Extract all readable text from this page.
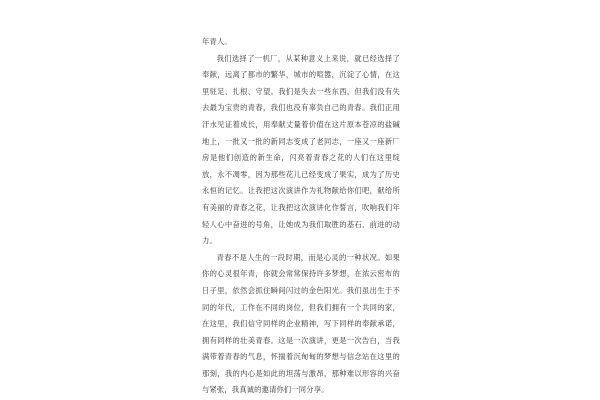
年青人。

我们选择了一机厂，从某种意义上来说，就已经选择了奉献，远离了都市的繁华，城市的喧嚣，沉淀了心情，在这里驻足、扎根、守望。我们是失去一些东西，但我们没有失去最为宝贵的青春，我们也没有辜负自己的青春。我们正用汗水见证着成长，用奉献丈量着价值在这片原本苍凉的盐碱地上，一批又一批的新同志变成了老同志，一座又一座新厂房是他们创造的新生命，闪亮着青春之花的人们在这里绽放，永不凋零，因为那些花儿已经变成了果实，成为了历史永恒的记忆。让我把这次演讲作为礼物献给你们吧，献给所有美丽的青春之花，让我把这次演讲化作誓言，吹响我们年轻人心中奋进的号角，让她成为我们取胜的基石、前进的动力。

青春不是人生的一段时期，而是心灵的一种状况。如果你的心灵很年青，你就会常常保持许多梦想，在浓云密布的日子里，依然会抓住瞬间闪过的金色阳光。我们虽出生于不同的年代，工作在不同的岗位，但我们拥有一个共同的家，在这里，我们信守同样的企业精神，写下同样的奉献承诺，拥有同样的壮美青春。这是一次演讲，更是一次告白，当我满带着青春的气息，怀揣着沉甸甸的梦想与信念站在这里的那刻，我的内心是如此的坦荡与激昂，那种难以形容的兴奋与紧张，我真诚的邀请你们一同分享。
